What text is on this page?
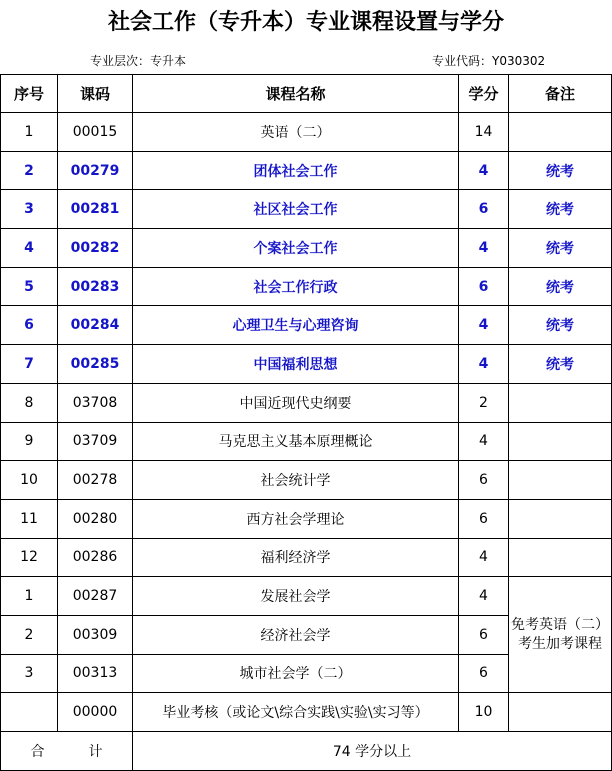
社会工作（专升本）专业课程设置与学分
专业层次：专升本	专业代码：Y030302
序号	课码	课程名称	学分	备注
1	00015	英语（二）	14	
2	00279	团体社会工作	4	统考
3	00281	社区社会工作	6	统考
4	00282	个案社会工作	4	统考
5	00283	社会工作行政	6	统考
6	00284	心理卫生与心理咨询	4	统考
7	00285	中国福利思想	4	统考
8	03708	中国近现代史纲要	2	
9	03709	马克思主义基本原理概论	4	
10	00278	社会统计学	6	
11	00280	西方社会学理论	6	
12	00286	福利经济学	4	
1	00287	发展社会学	4	免考英语（二）考生加考课程
2	00309	经济社会学	6	
3	00313	城市社会学（二）	6	
	00000	毕业考核（或论文\综合实践\实验\实习等）	10	
合 计		74 学分以上		
